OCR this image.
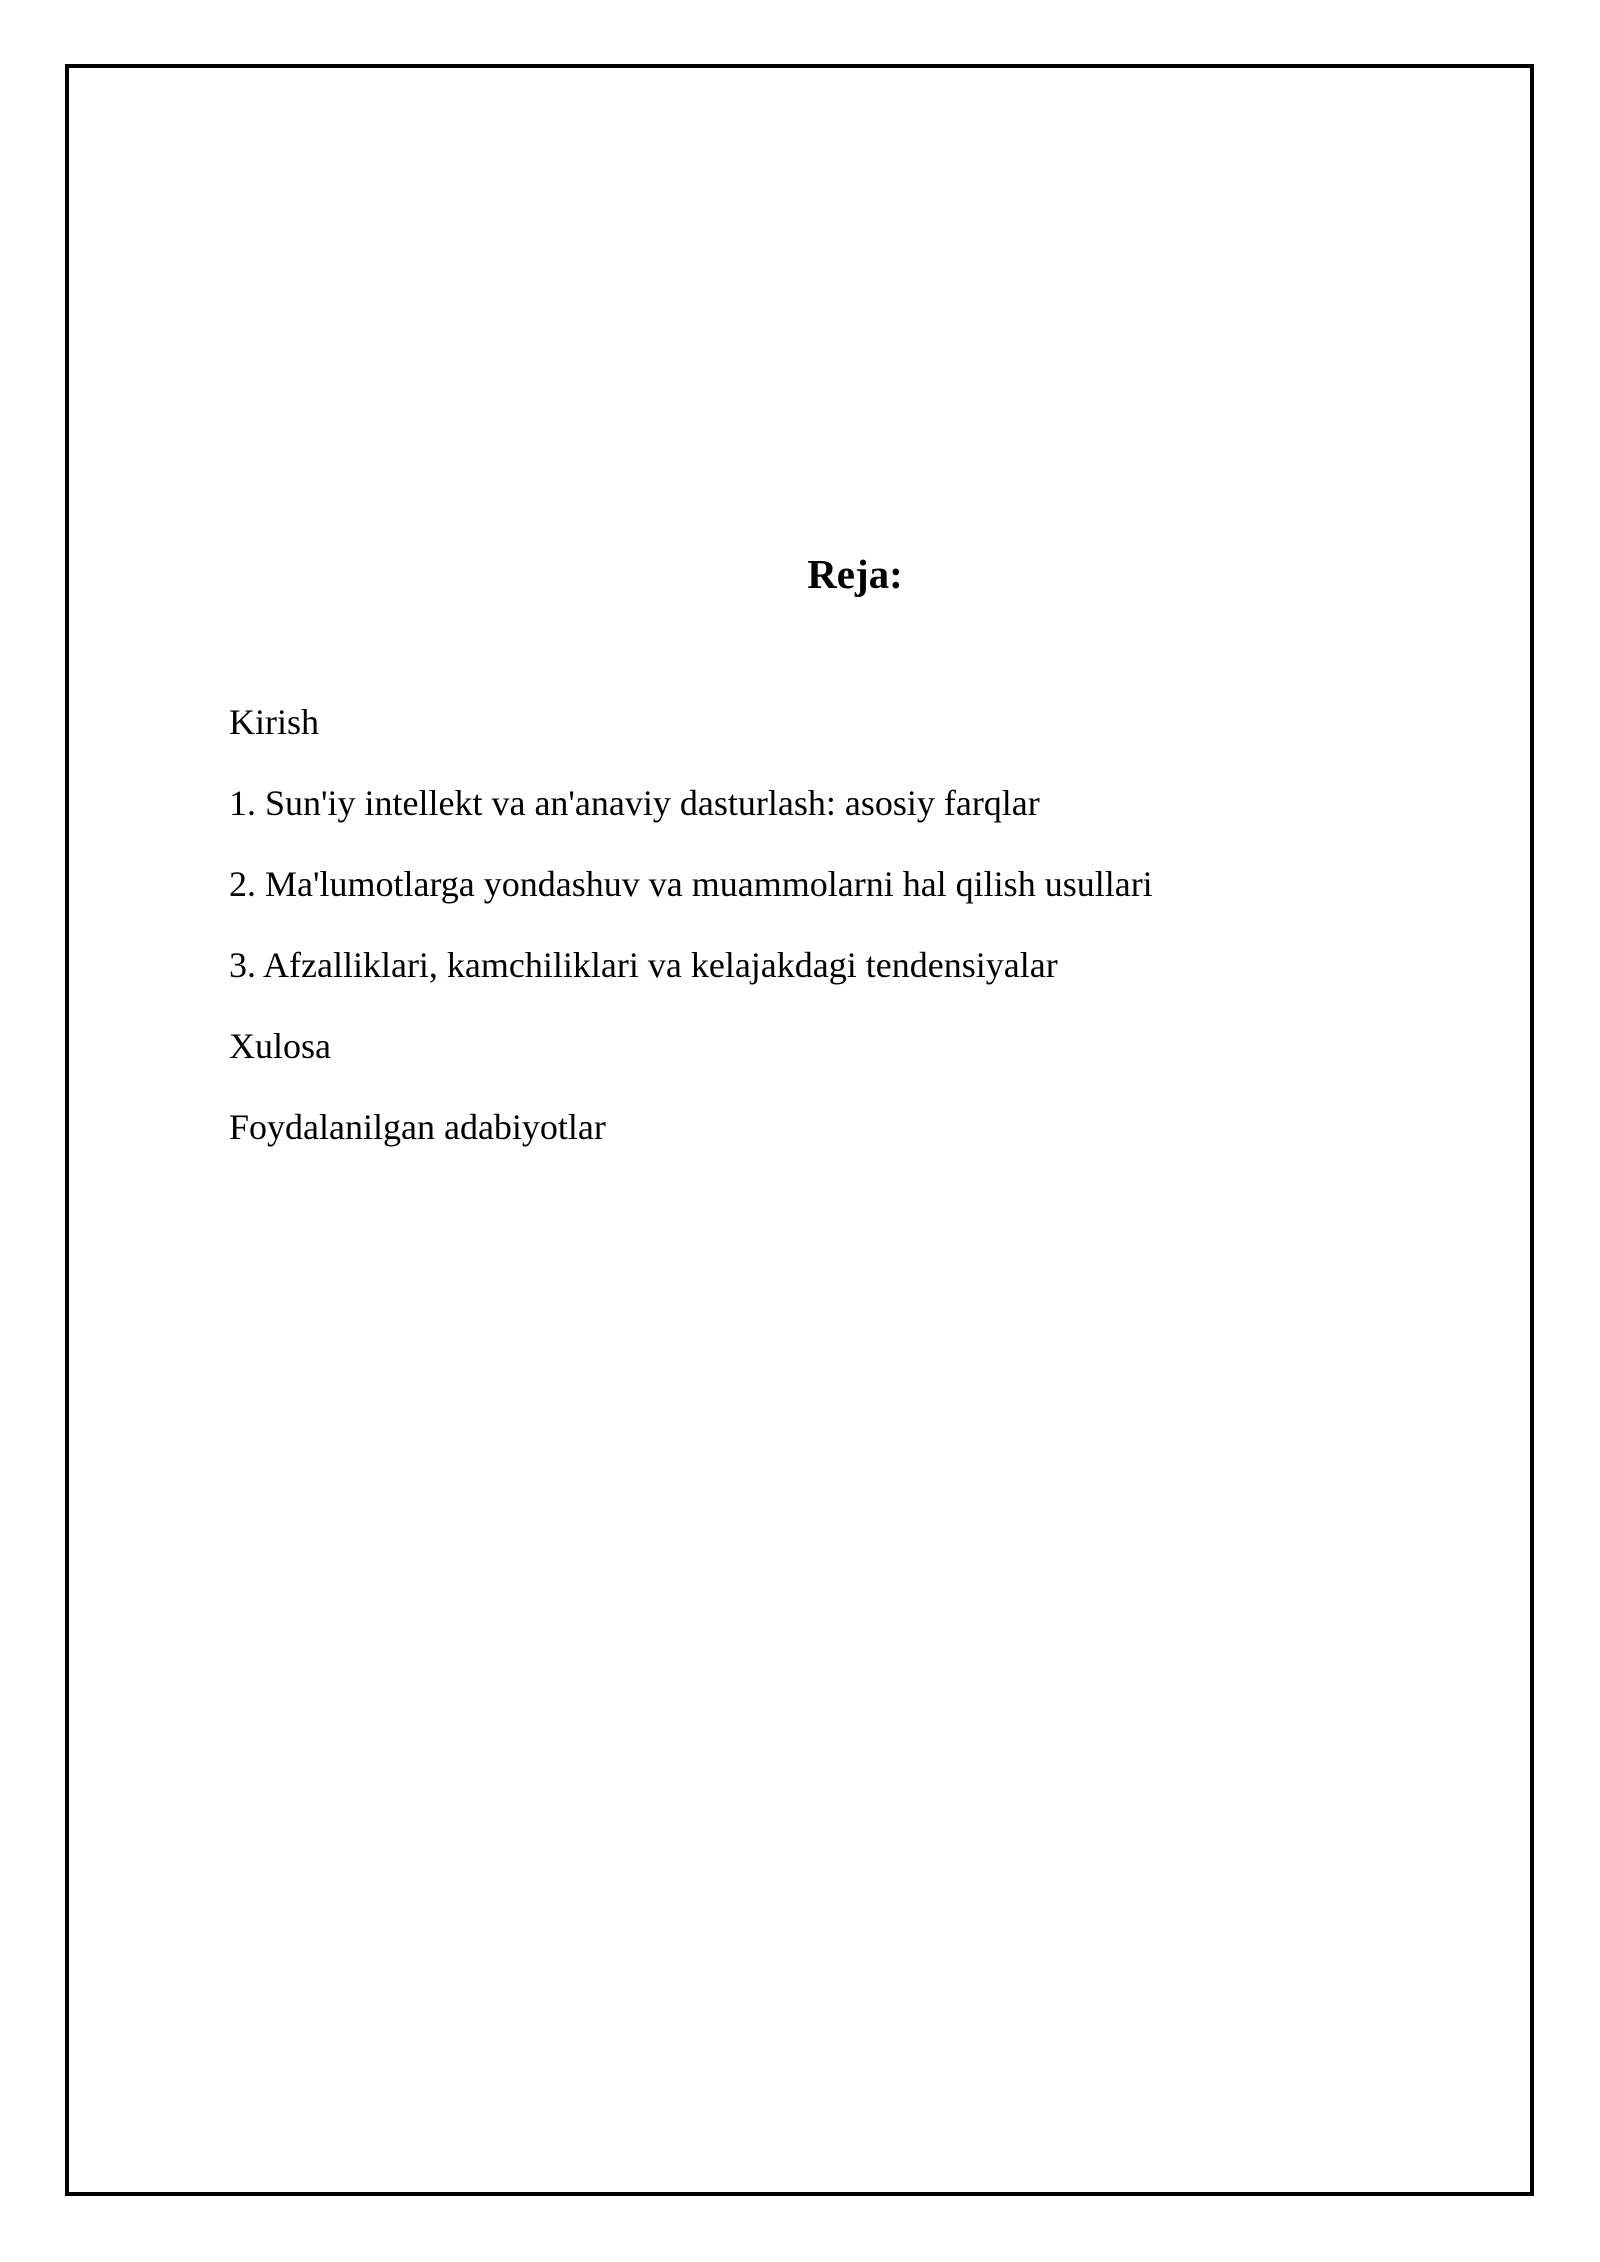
Reja:
Kirish
1. Sun'iy intellekt va an'anaviy dasturlash: asosiy farqlar
2. Ma'lumotlarga yondashuv va muammolarni hal qilish usullari
3. Afzalliklari, kamchiliklari va kelajakdagi tendensiyalar
Xulosa
Foydalanilgan adabiyotlar
